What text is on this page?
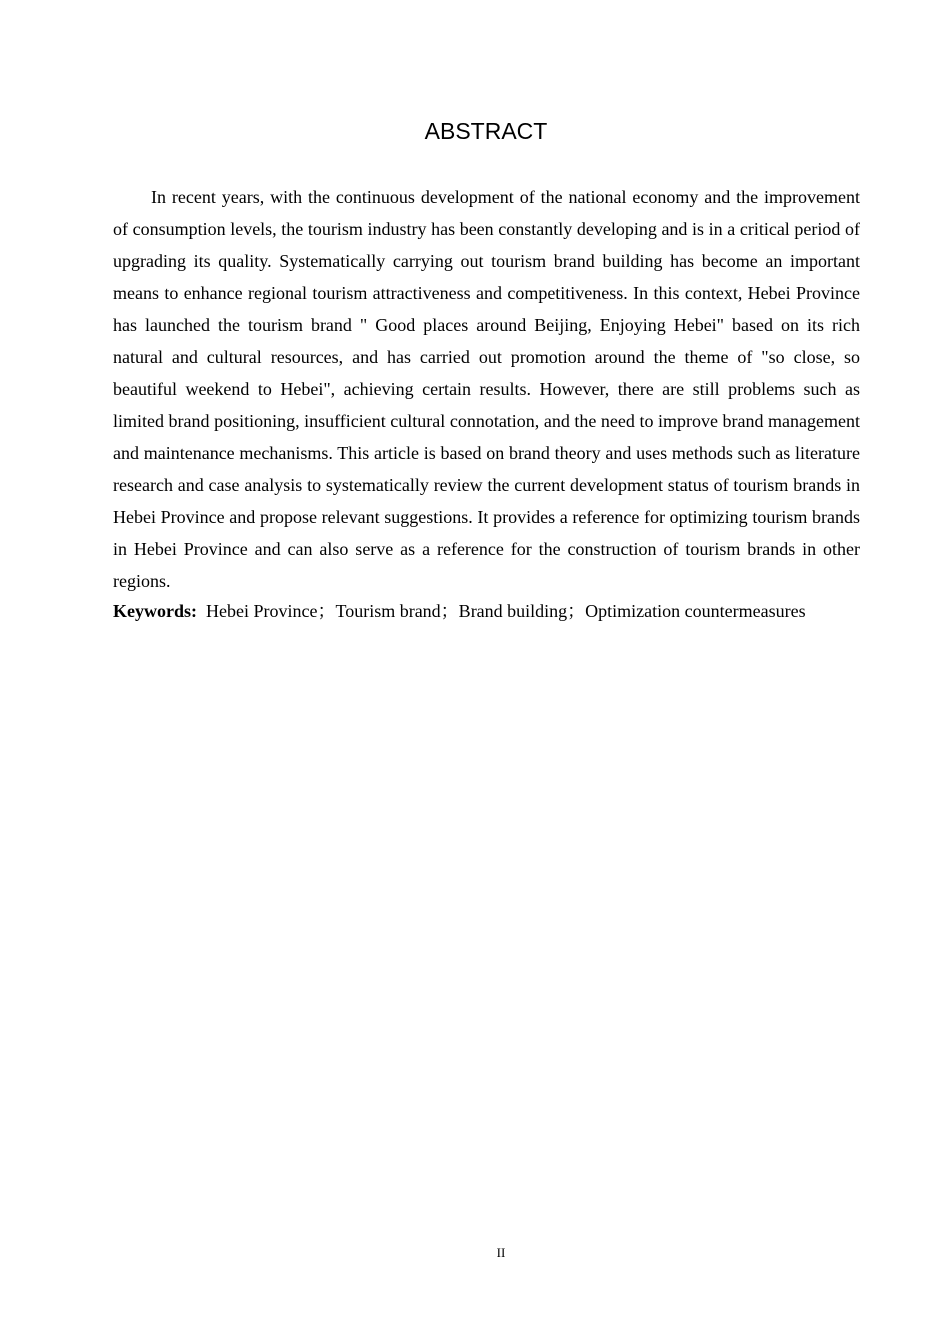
ABSTRACT

In recent years, with the continuous development of the national economy and the improvement of consumption levels, the tourism industry has been constantly developing and is in a critical period of upgrading its quality. Systematically carrying out tourism brand building has become an important means to enhance regional tourism attractiveness and competitiveness. In this context, Hebei Province has launched the tourism brand " Good places around Beijing, Enjoying Hebei" based on its rich natural and cultural resources, and has carried out promotion around the theme of "so close, so beautiful weekend to Hebei", achieving certain results. However, there are still problems such as limited brand positioning, insufficient cultural connotation, and the need to improve brand management and maintenance mechanisms. This article is based on brand theory and uses methods such as literature research and case analysis to systematically review the current development status of tourism brands in Hebei Province and propose relevant suggestions. It provides a reference for optimizing tourism brands in Hebei Province and can also serve as a reference for the construction of tourism brands in other regions.

Keywords: Hebei Province；Tourism brand；Brand building；Optimization countermeasures

II
